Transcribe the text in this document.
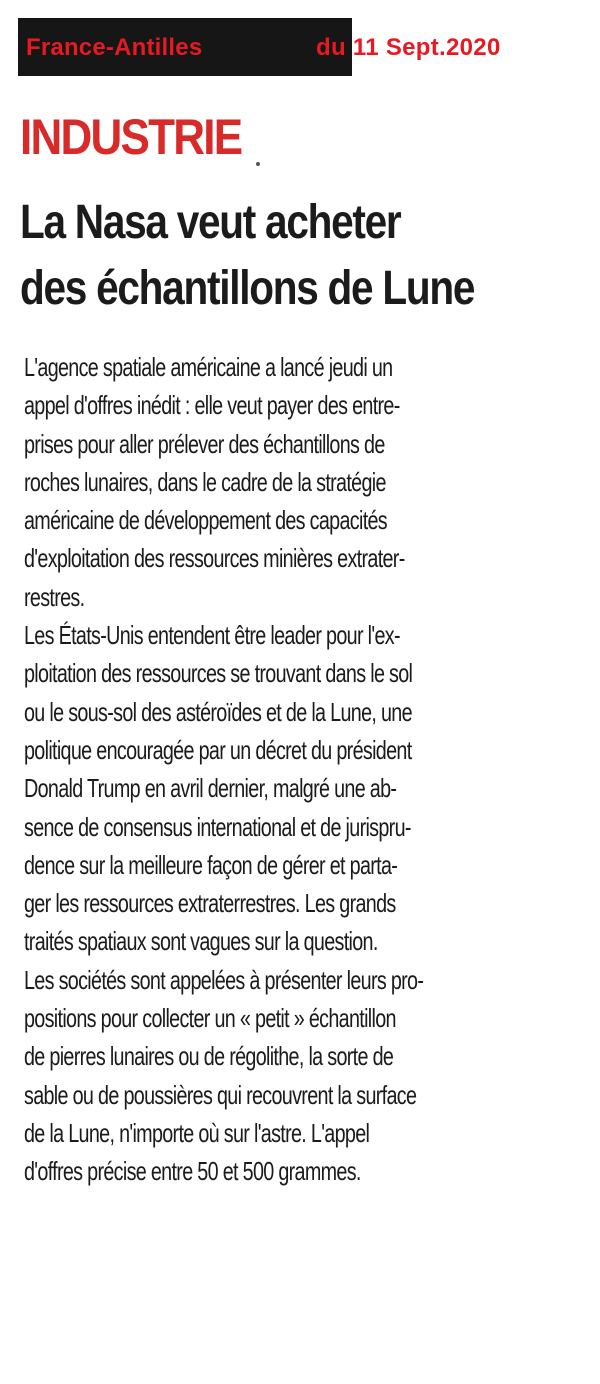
France-Antilles	du 11 Sept.2020
INDUSTRIE
La Nasa veut acheter
des échantillons de Lune
L'agence spatiale américaine a lancé jeudi un
appel d'offres inédit : elle veut payer des entre-
prises pour aller prélever des échantillons de
roches lunaires, dans le cadre de la stratégie
américaine de développement des capacités
d'exploitation des ressources minières extrater-
restres.
Les États-Unis entendent être leader pour l'ex-
ploitation des ressources se trouvant dans le sol
ou le sous-sol des astéroïdes et de la Lune, une
politique encouragée par un décret du président
Donald Trump en avril dernier, malgré une ab-
sence de consensus international et de jurispru-
dence sur la meilleure façon de gérer et parta-
ger les ressources extraterrestres. Les grands
traités spatiaux sont vagues sur la question.
Les sociétés sont appelées à présenter leurs pro-
positions pour collecter un « petit » échantillon
de pierres lunaires ou de régolithe, la sorte de
sable ou de poussières qui recouvrent la surface
de la Lune, n'importe où sur l'astre. L'appel
d'offres précise entre 50 et 500 grammes.
